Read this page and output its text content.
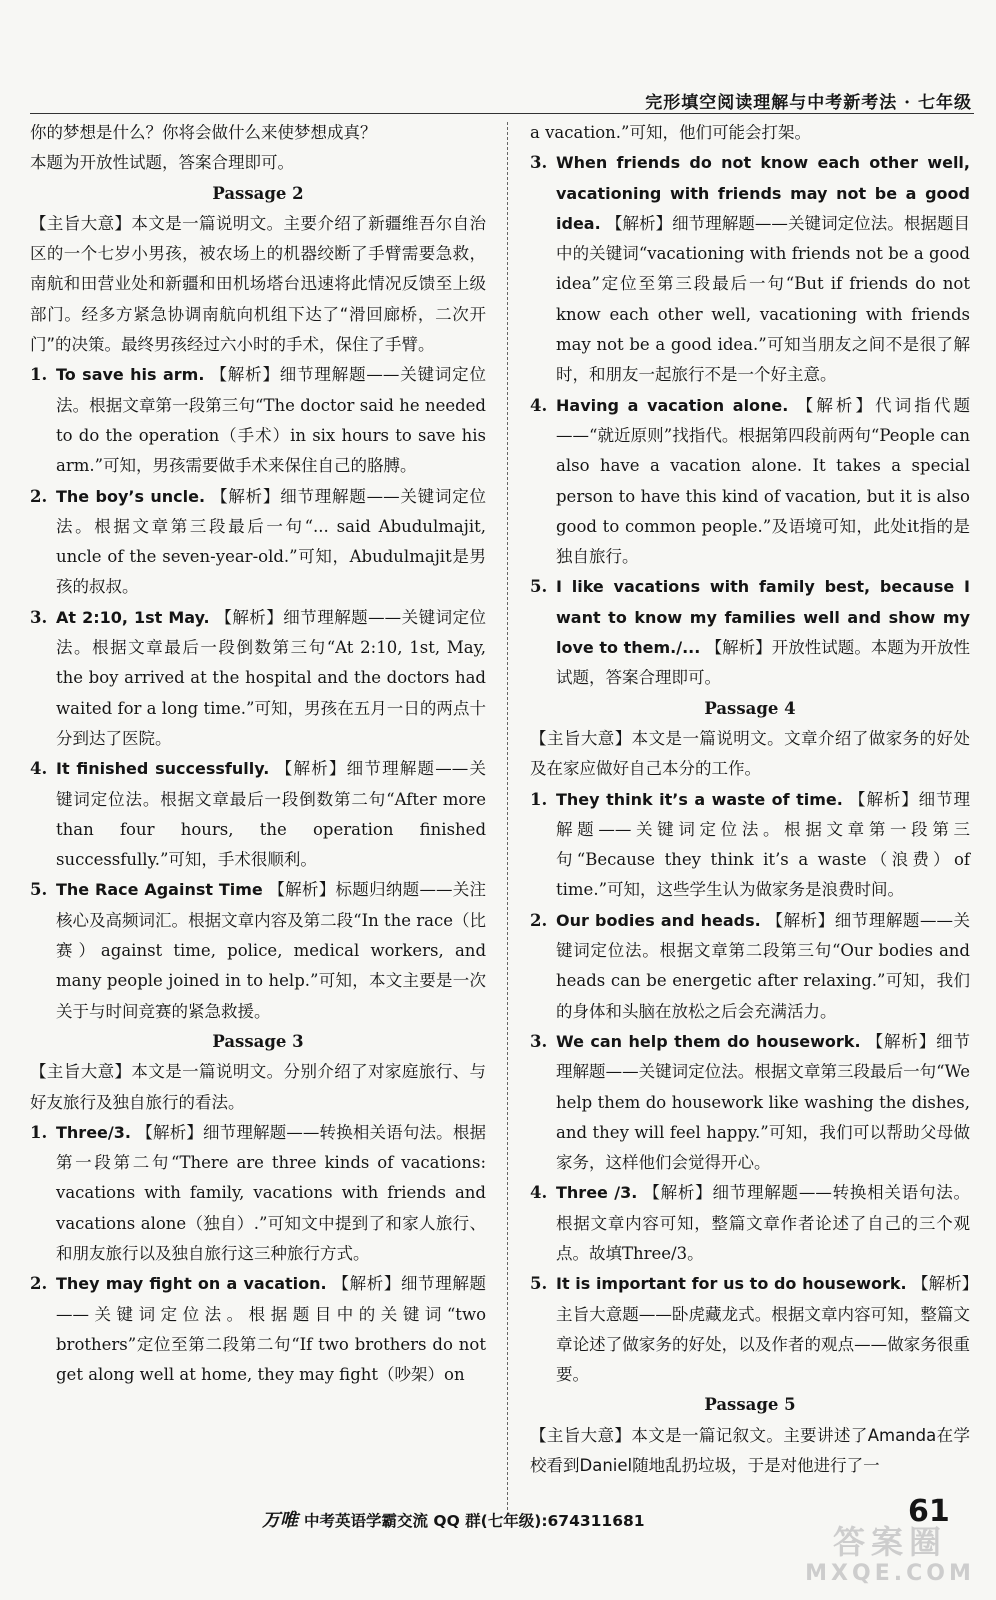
完形填空阅读理解与中考新考法 · 七年级

你的梦想是什么？你将会做什么来使梦想成真？

本题为开放性试题，答案合理即可。

Passage 2

【主旨大意】本文是一篇说明文。主要介绍了新疆维吾尔自治区的一个七岁小男孩，被农场上的机器绞断了手臂需要急救，南航和田营业处和新疆和田机场塔台迅速将此情况反馈至上级部门。经多方紧急协调南航向机组下达了“滑回廊桥，二次开门”的决策。最终男孩经过六小时的手术，保住了手臂。

1. To save his arm. 【解析】细节理解题——关键词定位法。根据文章第一段第三句“The doctor said he needed to do the operation（手术）in six hours to save his arm.”可知，男孩需要做手术来保住自己的胳膊。

2. The boy’s uncle. 【解析】细节理解题——关键词定位法。根据文章第三段最后一句“... said Abudulmajit, uncle of the seven-year-old.”可知，Abudulmajit是男孩的叔叔。

3. At 2:10, 1st May. 【解析】细节理解题——关键词定位法。根据文章最后一段倒数第三句“At 2:10, 1st, May, the boy arrived at the hospital and the doctors had waited for a long time.”可知，男孩在五月一日的两点十分到达了医院。

4. It finished successfully. 【解析】细节理解题——关键词定位法。根据文章最后一段倒数第二句“After more than four hours, the operation finished successfully.”可知，手术很顺利。

5. The Race Against Time 【解析】标题归纳题——关注核心及高频词汇。根据文章内容及第二段“In the race（比赛）against time, police, medical workers, and many people joined in to help.”可知，本文主要是一次关于与时间竞赛的紧急救援。

Passage 3

【主旨大意】本文是一篇说明文。分别介绍了对家庭旅行、与好友旅行及独自旅行的看法。

1. Three/3. 【解析】细节理解题——转换相关语句法。根据第一段第二句“There are three kinds of vacations: vacations with family, vacations with friends and vacations alone（独自）.”可知文中提到了和家人旅行、和朋友旅行以及独自旅行这三种旅行方式。

2. They may fight on a vacation. 【解析】细节理解题——关键词定位法。根据题目中的关键词“two brothers”定位至第二段第二句“If two brothers do not get along well at home, they may fight（吵架）on

a vacation.”可知，他们可能会打架。

3. When friends do not know each other well, vacationing with friends may not be a good idea. 【解析】细节理解题——关键词定位法。根据题目中的关键词“vacationing with friends not be a good idea”定位至第三段最后一句“But if friends do not know each other well, vacationing with friends may not be a good idea.”可知当朋友之间不是很了解时，和朋友一起旅行不是一个好主意。

4. Having a vacation alone. 【解析】代词指代题——“就近原则”找指代。根据第四段前两句“People can also have a vacation alone. It takes a special person to have this kind of vacation, but it is also good to common people.”及语境可知，此处it指的是独自旅行。

5. I like vacations with family best, because I want to know my families well and show my love to them./... 【解析】开放性试题。本题为开放性试题，答案合理即可。

Passage 4

【主旨大意】本文是一篇说明文。文章介绍了做家务的好处及在家应做好自己本分的工作。

1. They think it’s a waste of time. 【解析】细节理解题——关键词定位法。根据文章第一段第三句“Because they think it’s a waste（浪费）of time.”可知，这些学生认为做家务是浪费时间。

2. Our bodies and heads. 【解析】细节理解题——关键词定位法。根据文章第二段第三句“Our bodies and heads can be energetic after relaxing.”可知，我们的身体和头脑在放松之后会充满活力。

3. We can help them do housework. 【解析】细节理解题——关键词定位法。根据文章第三段最后一句“We help them do housework like washing the dishes, and they will feel happy.”可知，我们可以帮助父母做家务，这样他们会觉得开心。

4. Three /3. 【解析】细节理解题——转换相关语句法。根据文章内容可知，整篇文章作者论述了自己的三个观点。故填Three/3。

5. It is important for us to do housework. 【解析】主旨大意题——卧虎藏龙式。根据文章内容可知，整篇文章论述了做家务的好处，以及作者的观点——做家务很重要。

Passage 5

【主旨大意】本文是一篇记叙文。主要讲述了Amanda在学校看到Daniel随地乱扔垃圾，于是对他进行了一

万唯 中考英语学霸交流 QQ 群(七年级):674311681	61
答案圈
MXQE.COM
